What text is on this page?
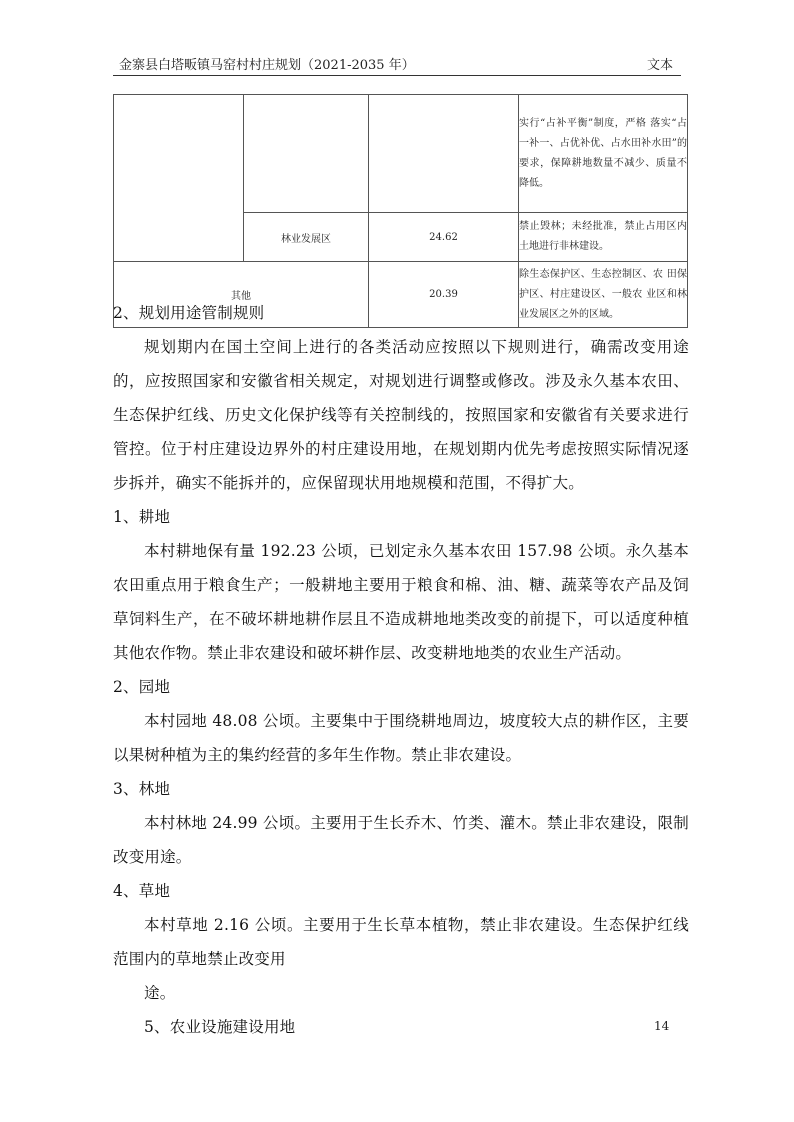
金寨县白塔畈镇马窑村村庄规划（2021-2035 年）	文本
			实行“占补平衡”制度，严格 落实“占一补一、占优补优、占水田补水田”的要求，保障耕地数量不减少、质量不降低。
	林业发展区	24.62	禁止毁林；未经批准，禁止占用区内土地进行非林建设。
其他		20.39	除生态保护区、生态控制区、农 田保护区、村庄建设区、一般农 业区和林业发展区之外的区域。

2、规划用途管制规则

规划期内在国土空间上进行的各类活动应按照以下规则进行，确需改变用途的，应按照国家和安徽省相关规定，对规划进行调整或修改。涉及永久基本农田、生态保护红线、历史文化保护线等有关控制线的，按照国家和安徽省有关要求进行管控。位于村庄建设边界外的村庄建设用地，在规划期内优先考虑按照实际情况逐步拆并，确实不能拆并的，应保留现状用地规模和范围，不得扩大。

1、耕地

本村耕地保有量 192.23 公顷，已划定永久基本农田 157.98 公顷。永久基本农田重点用于粮食生产；一般耕地主要用于粮食和棉、油、糖、蔬菜等农产品及饲草饲料生产，在不破坏耕地耕作层且不造成耕地地类改变的前提下，可以适度种植其他农作物。禁止非农建设和破坏耕作层、改变耕地地类的农业生产活动。

2、园地

本村园地 48.08 公顷。主要集中于围绕耕地周边，坡度较大点的耕作区，主要以果树种植为主的集约经营的多年生作物。禁止非农建设。

3、林地

本村林地 24.99 公顷。主要用于生长乔木、竹类、灌木。禁止非农建设，限制改变用途。

4、草地

本村草地 2.16 公顷。主要用于生长草本植物，禁止非农建设。生态保护红线范围内的草地禁止改变用

途。

5、农业设施建设用地	14
